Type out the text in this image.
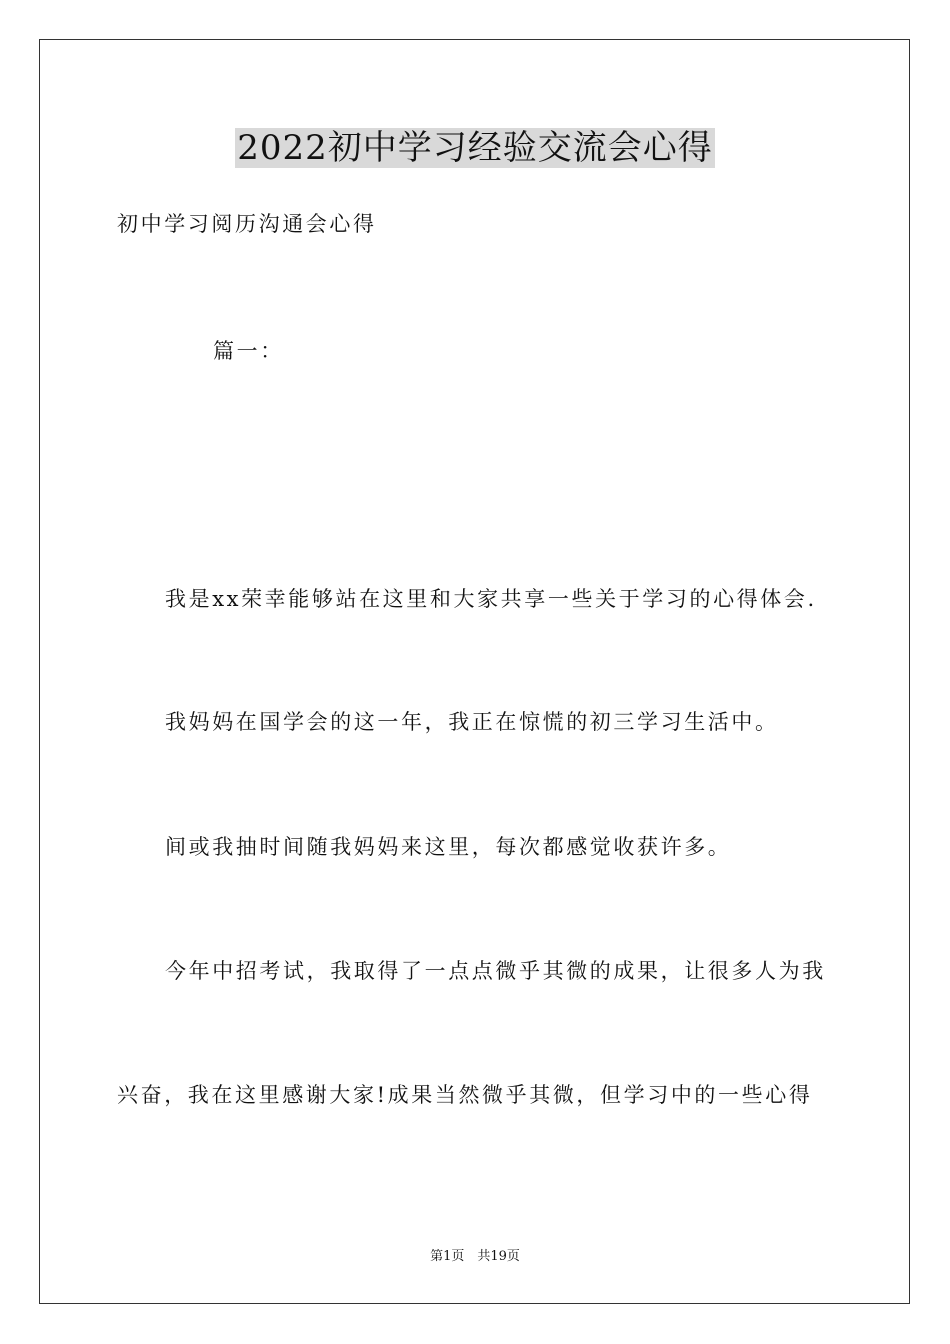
2022初中学习经验交流会心得
初中学习阅历沟通会心得
篇一：
我是xx荣幸能够站在这里和大家共享一些关于学习的心得体会.
我妈妈在国学会的这一年，我正在惊慌的初三学习生活中。
间或我抽时间随我妈妈来这里，每次都感觉收获许多。
今年中招考试，我取得了一点点微乎其微的成果，让很多人为我
兴奋，我在这里感谢大家!成果当然微乎其微，但学习中的一些心得
第1页　共19页
